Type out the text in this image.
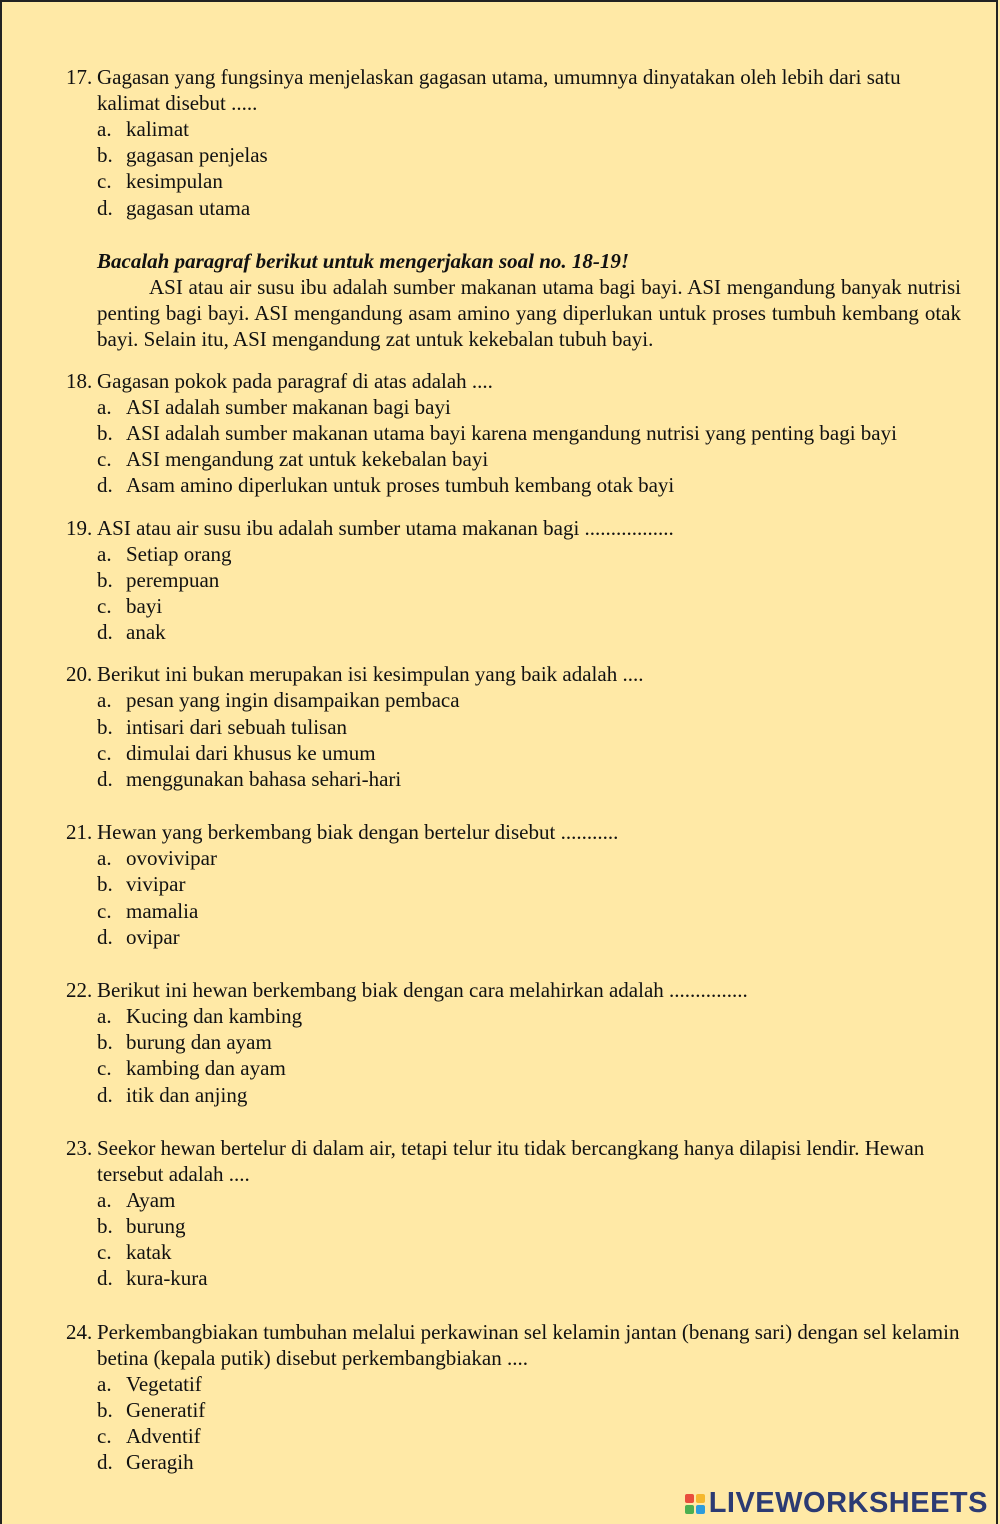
17. Gagasan yang fungsinya menjelaskan gagasan utama, umumnya dinyatakan oleh lebih dari satu kalimat disebut .....
a. kalimat
b. gagasan penjelas
c. kesimpulan
d. gagasan utama
Bacalah paragraf berikut untuk mengerjakan soal no. 18-19!
ASI atau air susu ibu adalah sumber makanan utama bagi bayi. ASI mengandung banyak nutrisi penting bagi bayi. ASI mengandung asam amino yang diperlukan untuk proses tumbuh kembang otak bayi. Selain itu, ASI mengandung zat untuk kekebalan tubuh bayi.
18. Gagasan pokok pada paragraf di atas adalah ....
a. ASI adalah sumber makanan bagi bayi
b. ASI adalah sumber makanan utama bayi karena mengandung nutrisi yang penting bagi bayi
c. ASI mengandung zat untuk kekebalan bayi
d. Asam amino diperlukan untuk proses tumbuh kembang otak bayi
19. ASI atau air susu ibu adalah sumber utama makanan bagi .................
a. Setiap orang
b. perempuan
c. bayi
d. anak
20. Berikut ini bukan merupakan isi kesimpulan yang baik adalah ....
a. pesan yang ingin disampaikan pembaca
b. intisari dari sebuah tulisan
c. dimulai dari khusus ke umum
d. menggunakan bahasa sehari-hari
21. Hewan yang berkembang biak dengan bertelur disebut ...........
a. ovovivipar
b. vivipar
c. mamalia
d. ovipar
22. Berikut ini hewan berkembang biak dengan cara melahirkan adalah ...............
a. Kucing dan kambing
b. burung dan ayam
c. kambing dan ayam
d. itik dan anjing
23. Seekor hewan bertelur di dalam air, tetapi telur itu tidak bercangkang hanya dilapisi lendir. Hewan tersebut adalah ....
a. Ayam
b. burung
c. katak
d. kura-kura
24. Perkembangbiakan tumbuhan melalui perkawinan sel kelamin jantan (benang sari) dengan sel kelamin betina (kepala putik) disebut perkembangbiakan ....
a. Vegetatif
b. Generatif
c. Adventif
d. Geragih
LIVEWORKSHEETS
